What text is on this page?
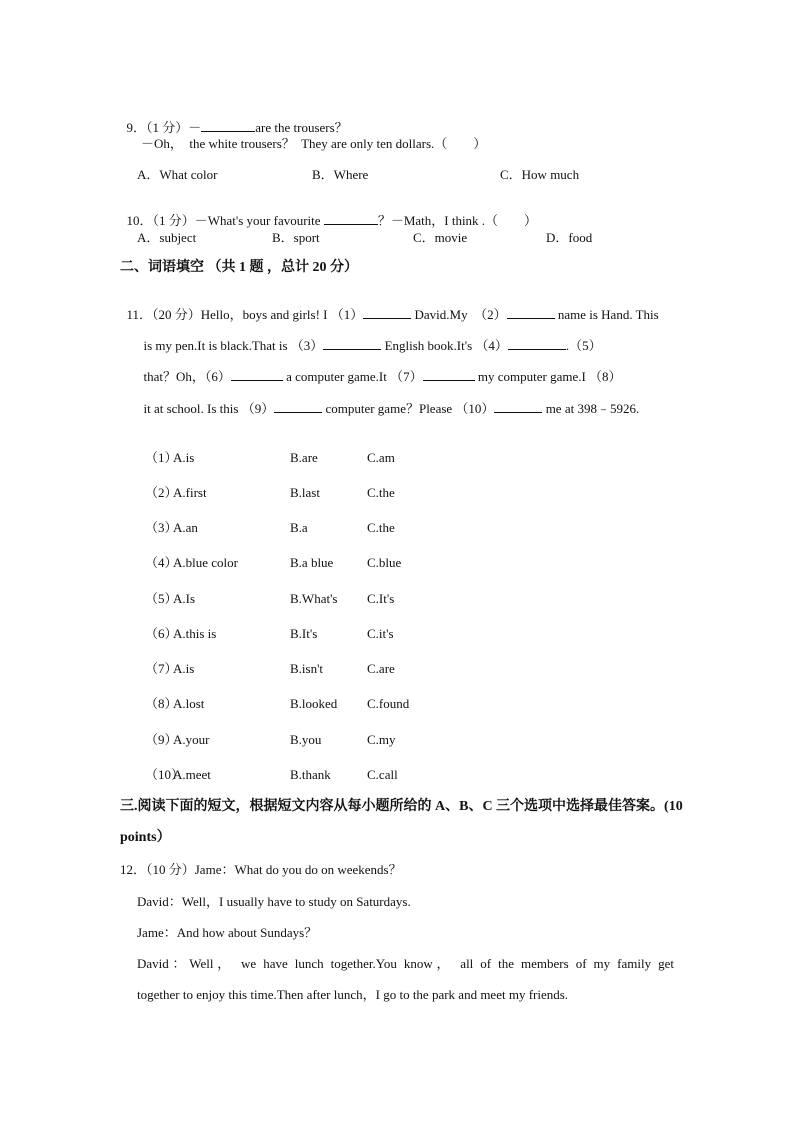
9．（1 分）－	are the trousers？

－Oh，  the white trousers？  They are only ten dollars.（        ）
A．What color	B．Where	C．How much

10．（1 分）－What's your favourite	？－Math，I think .（        ）

A．subject	B．sport	C．movie	D．food
二、词语填空 （共 1 题 ，总计 20 分）

11．（20 分）Hello，boys and girls! I （1）	David.My  （2）	name is Hand. This

is my pen.It is black.That is （3）	English book.It's （4）	.（5）

that？Oh，（6）	a computer game.It （7）	my computer game.I （8）

it at school. Is this （9）	computer game？Please （10）	me at 398﹣5926.

（1）
A.is	B.are	C.am
（2）
A.first	B.last	C.the
（3）
A.an	B.a	C.the
（4）
A.blue color	B.a blue	C.blue
（5）
A.Is	B.What's C.It's
（6）
A.this is	B.It's	C.it's
（7）
A.is	B.isn't	C.are
（8）
A.lost	B.looked C.found
（9）
A.your	B.you	C.my
（10）
A.meet	B.thank	C.call
三.阅读下面的短文，根据短文内容从每小题所给的 A、B、C 三个选项中选择最佳答案。(10
points）
12．（10 分）Jame：What do you do on weekends？
David：Well，I usually have to study on Saturdays.
Jame：And how about Sundays？
David：Well， we have lunch together.You know， all of the members of my family get
together to enjoy this time.Then after lunch，I go to the park and meet my friends.
